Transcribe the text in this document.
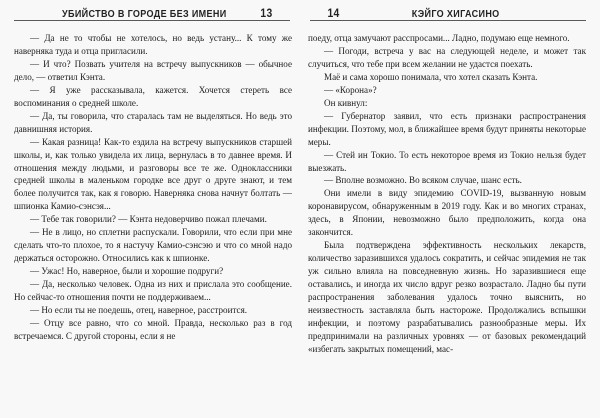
УБИЙСТВО В ГОРОДЕ БЕЗ ИМЕНИ	13

— Да не то чтобы не хотелось, но ведь устану... К тому же наверняка туда и отца пригласили.

— И что? Позвать учителя на встречу выпускников — обычное дело, — ответил Кэнта.

— Я уже рассказывала, кажется. Хочется стереть все воспоминания о средней школе.

— Да, ты говорила, что старалась там не выделяться. Но ведь это давнишняя история.

— Какая разница! Как-то ездила на встречу выпускников старшей школы, и, как только увидела их лица, вернулась в то давнее время. И отношения между людьми, и разговоры все те же. Одноклассники средней школы в маленьком городке все друг о друге знают, и тем более получится так, как я говорю. Наверняка снова начнут болтать — шпионка Камио-сэнсэя...

— Тебе так говорили? — Кэнта недоверчиво пожал плечами.

— Не в лицо, но сплетни распускали. Говорили, что если при мне сделать что-то плохое, то я настучу Камио-сэнсэю и что со мной надо держаться осторожно. Относились как к шпионке.

— Ужас! Но, наверное, были и хорошие подруги?

— Да, несколько человек. Одна из них и прислала это сообщение. Но сейчас-то отношения почти не поддерживаем...

— Но если ты не поедешь, отец, наверное, расстроится.

— Отцу все равно, что со мной. Правда, несколько раз в год встречаемся. С другой стороны, если я не

14	КЭЙГО ХИГАСИНО

поеду, отца замучают расспросами... Ладно, подумаю еще немного.

— Погоди, встреча у вас на следующей неделе, и может так случиться, что тебе при всем желании не удастся поехать.

Маё и сама хорошо понимала, что хотел сказать Кэнта.

— «Корона»?

Он кивнул:

— Губернатор заявил, что есть признаки распространения инфекции. Поэтому, мол, в ближайшее время будут приняты некоторые меры.

— Стей ин Токио. То есть некоторое время из Токио нельзя будет выезжать.

— Вполне возможно. Во всяком случае, шанс есть.

Они имели в виду эпидемию COVID-19, вызванную новым коронавирусом, обнаруженным в 2019 году. Как и во многих странах, здесь, в Японии, невозможно было предположить, когда она закончится.

Была подтверждена эффективность нескольких лекарств, количество заразившихся удалось сократить, и сейчас эпидемия не так уж сильно влияла на повседневную жизнь. Но заразившиеся еще оставались, и иногда их число вдруг резко возрастало. Ладно бы пути распространения заболевания удалось точно выяснить, но неизвестность заставляла быть настороже. Продолжались вспышки инфекции, и поэтому разрабатывались разнообразные меры. Их предпринимали на различных уровнях — от базовых рекомендаций «избегать закрытых помещений, мас-
